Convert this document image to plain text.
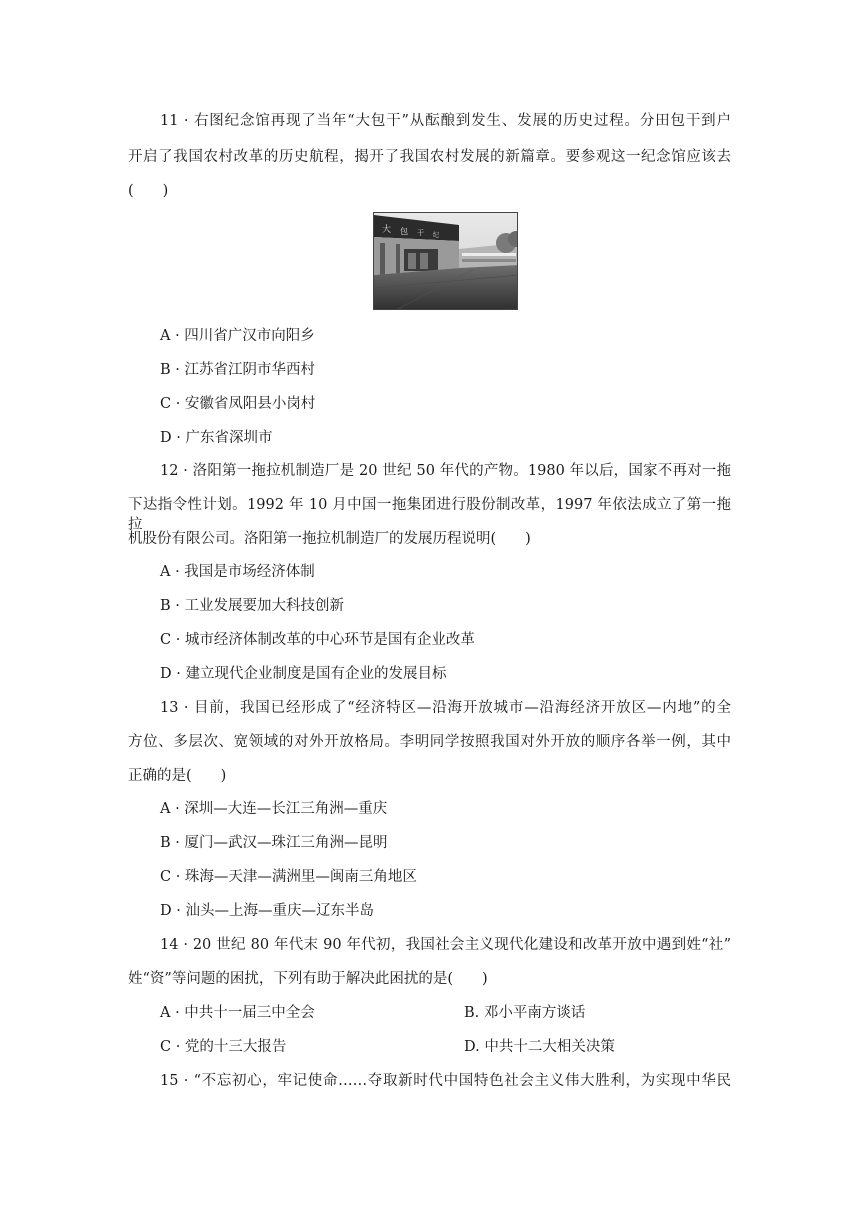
11 · 右图纪念馆再现了当年“大包干”从酝酿到发生、发展的历史过程。分田包干到户
开启了我国农村改革的历史航程，揭开了我国农村发展的新篇章。要参观这一纪念馆应该去
(　　)
大 包 干 纪
A · 四川省广汉市向阳乡
B · 江苏省江阴市华西村
C · 安徽省凤阳县小岗村
D · 广东省深圳市
12 · 洛阳第一拖拉机制造厂是 20 世纪 50 年代的产物。1980 年以后，国家不再对一拖
下达指令性计划。1992 年 10 月中国一拖集团进行股份制改革，1997 年依法成立了第一拖拉
机股份有限公司。洛阳第一拖拉机制造厂的发展历程说明(　　)
A · 我国是市场经济体制
B · 工业发展要加大科技创新
C · 城市经济体制改革的中心环节是国有企业改革
D · 建立现代企业制度是国有企业的发展目标
13 · 目前，我国已经形成了“经济特区—沿海开放城市—沿海经济开放区—内地”的全
方位、多层次、宽领域的对外开放格局。李明同学按照我国对外开放的顺序各举一例，其中
正确的是(　　)
A · 深圳—大连—长江三角洲—重庆
B · 厦门—武汉—珠江三角洲—昆明
C · 珠海—天津—满洲里—闽南三角地区
D · 汕头—上海—重庆—辽东半岛
14 · 20 世纪 80 年代末 90 年代初，我国社会主义现代化建设和改革开放中遇到姓“社”
姓“资”等问题的困扰，下列有助于解决此困扰的是(　　)
A · 中共十一届三中全会	B. 邓小平南方谈话
C · 党的十三大报告	D. 中共十二大相关决策
15 · “不忘初心，牢记使命……夺取新时代中国特色社会主义伟大胜利，为实现中华民
